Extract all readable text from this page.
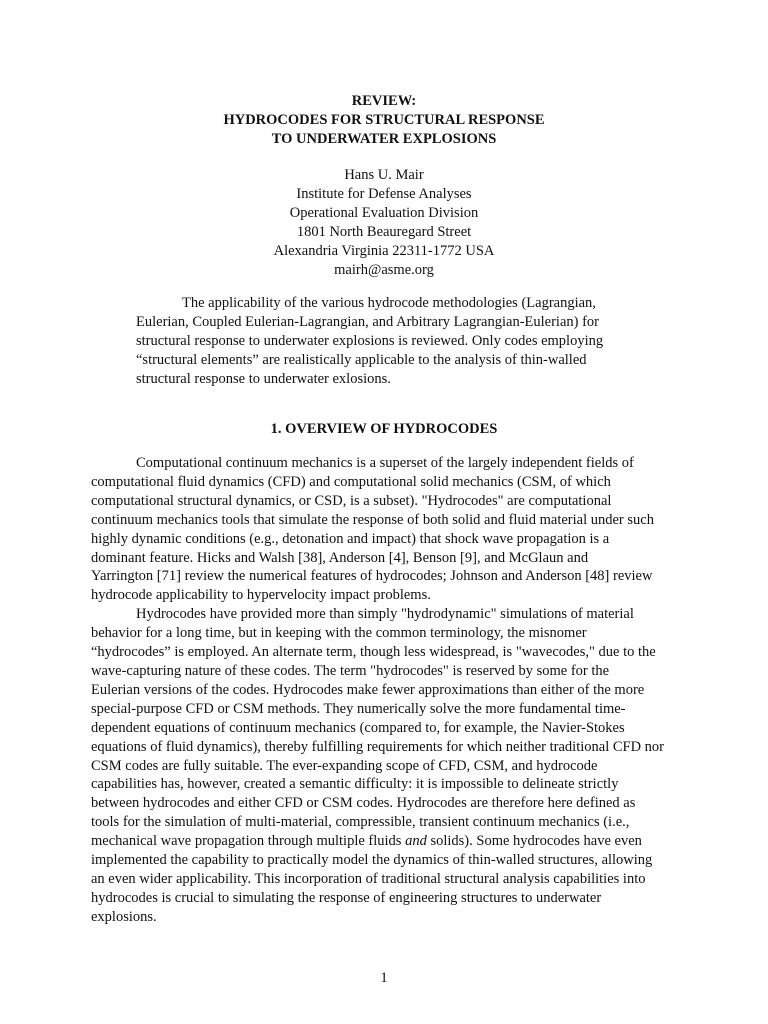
REVIEW:
HYDROCODES FOR STRUCTURAL RESPONSE
TO UNDERWATER EXPLOSIONS
Hans U. Mair
Institute for Defense Analyses
Operational Evaluation Division
1801 North Beauregard Street
Alexandria Virginia 22311-1772 USA
mairh@asme.org
The applicability of the various hydrocode methodologies (Lagrangian,
Eulerian, Coupled Eulerian-Lagrangian, and Arbitrary Lagrangian-Eulerian) for
structural response to underwater explosions is reviewed. Only codes employing
“structural elements” are realistically applicable to the analysis of thin-walled
structural response to underwater exlosions.
1. OVERVIEW OF HYDROCODES
Computational continuum mechanics is a superset of the largely independent fields of
computational fluid dynamics (CFD) and computational solid mechanics (CSM, of which
computational structural dynamics, or CSD, is a subset). "Hydrocodes" are computational
continuum mechanics tools that simulate the response of both solid and fluid material under such
highly dynamic conditions (e.g., detonation and impact) that shock wave propagation is a
dominant feature. Hicks and Walsh [38], Anderson [4], Benson [9], and McGlaun and
Yarrington [71] review the numerical features of hydrocodes; Johnson and Anderson [48] review
hydrocode applicability to hypervelocity impact problems.
Hydrocodes have provided more than simply "hydrodynamic" simulations of material
behavior for a long time, but in keeping with the common terminology, the misnomer
“hydrocodes” is employed. An alternate term, though less widespread, is "wavecodes," due to the
wave-capturing nature of these codes. The term "hydrocodes" is reserved by some for the
Eulerian versions of the codes. Hydrocodes make fewer approximations than either of the more
special-purpose CFD or CSM methods. They numerically solve the more fundamental time-
dependent equations of continuum mechanics (compared to, for example, the Navier-Stokes
equations of fluid dynamics), thereby fulfilling requirements for which neither traditional CFD nor
CSM codes are fully suitable. The ever-expanding scope of CFD, CSM, and hydrocode
capabilities has, however, created a semantic difficulty: it is impossible to delineate strictly
between hydrocodes and either CFD or CSM codes. Hydrocodes are therefore here defined as
tools for the simulation of multi-material, compressible, transient continuum mechanics (i.e.,
mechanical wave propagation through multiple fluids and solids). Some hydrocodes have even
implemented the capability to practically model the dynamics of thin-walled structures, allowing
an even wider applicability. This incorporation of traditional structural analysis capabilities into
hydrocodes is crucial to simulating the response of engineering structures to underwater
explosions.
1
